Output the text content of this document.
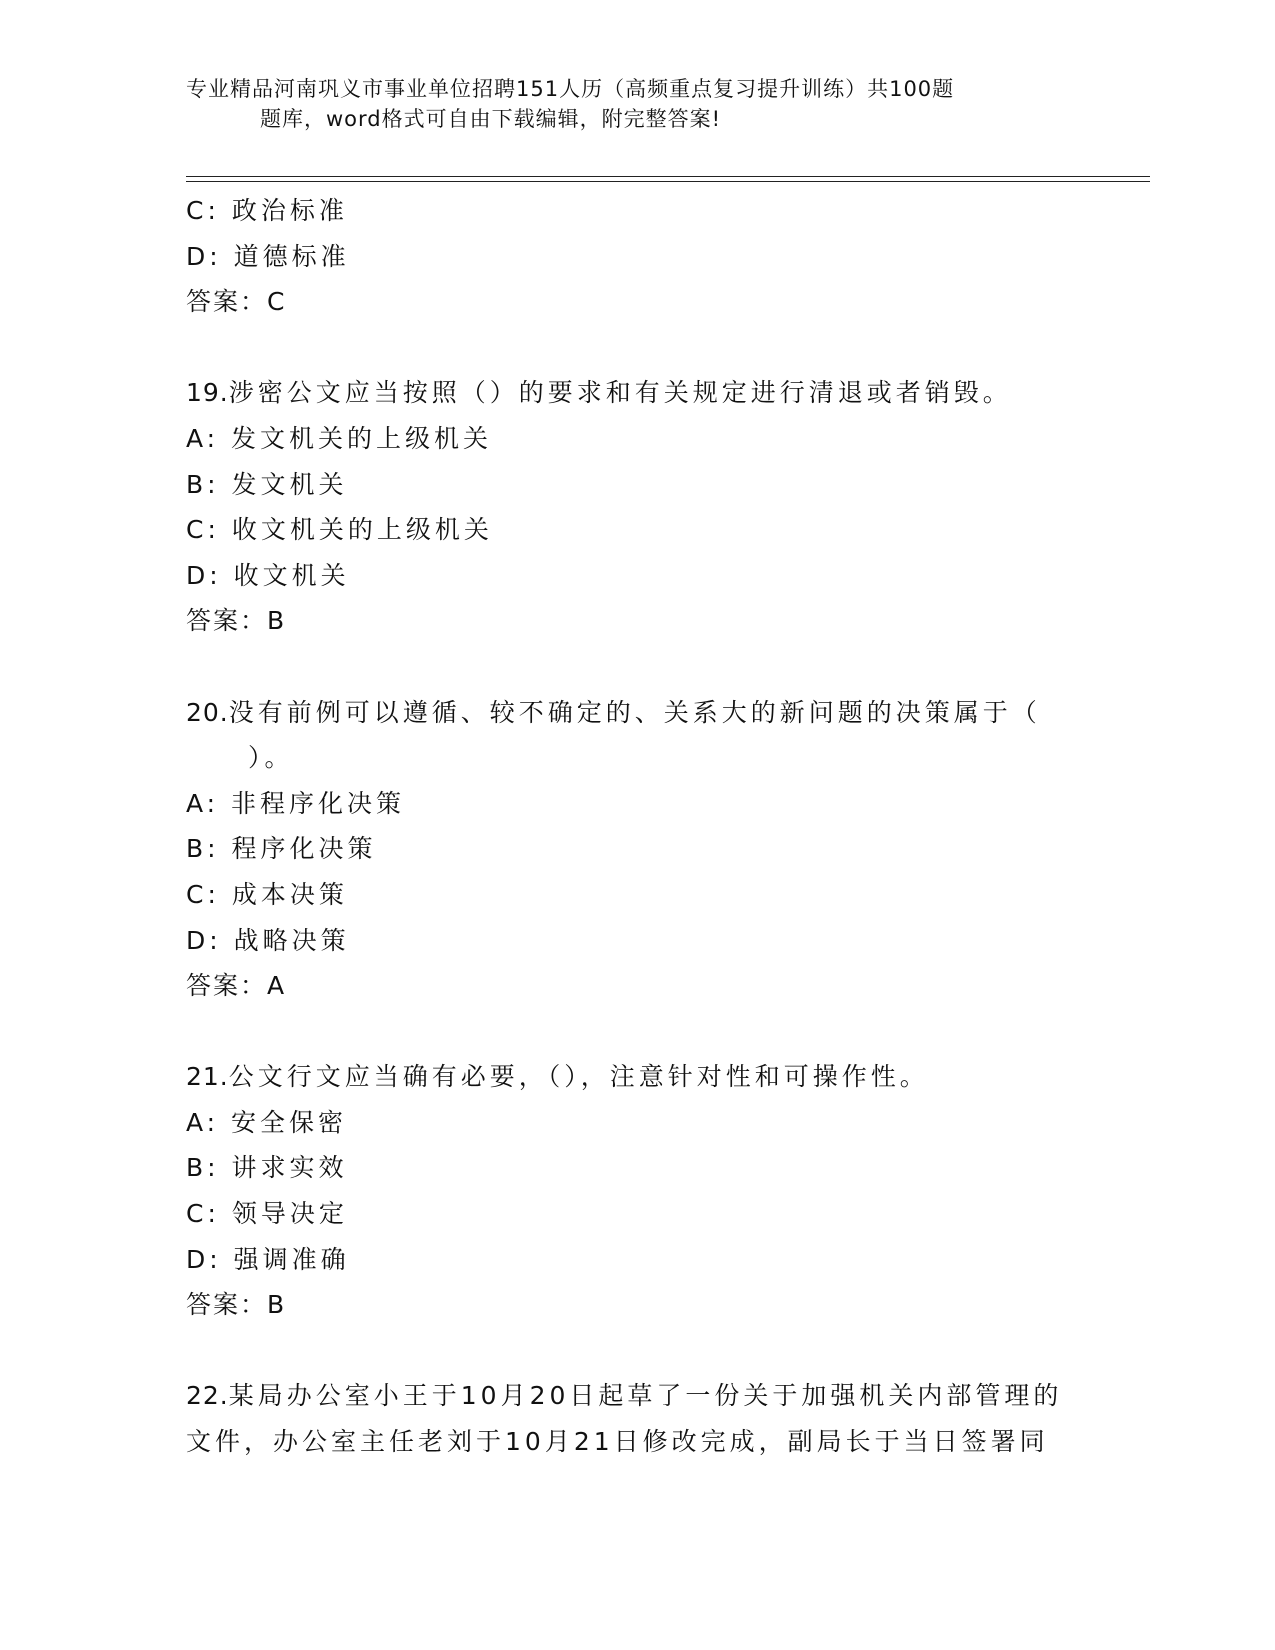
专业精品河南巩义市事业单位招聘151人历（高频重点复习提升训练）共100题
题库，word格式可自由下载编辑，附完整答案!
C: 政治标准
D: 道德标准
答案：C
19.涉密公文应当按照（）的要求和有关规定进行清退或者销毁。
A: 发文机关的上级机关
B: 发文机关
C: 收文机关的上级机关
D: 收文机关
答案：B
20.没有前例可以遵循、较不确定的、关系大的新问题的决策属于（
）。
A: 非程序化决策
B: 程序化决策
C: 成本决策
D: 战略决策
答案：A
21.公文行文应当确有必要，（），注意针对性和可操作性。
A: 安全保密
B: 讲求实效
C: 领导决定
D: 强调准确
答案：B
22.某局办公室小王于10月20日起草了一份关于加强机关内部管理的
文件，办公室主任老刘于10月21日修改完成，副局长于当日签署同
